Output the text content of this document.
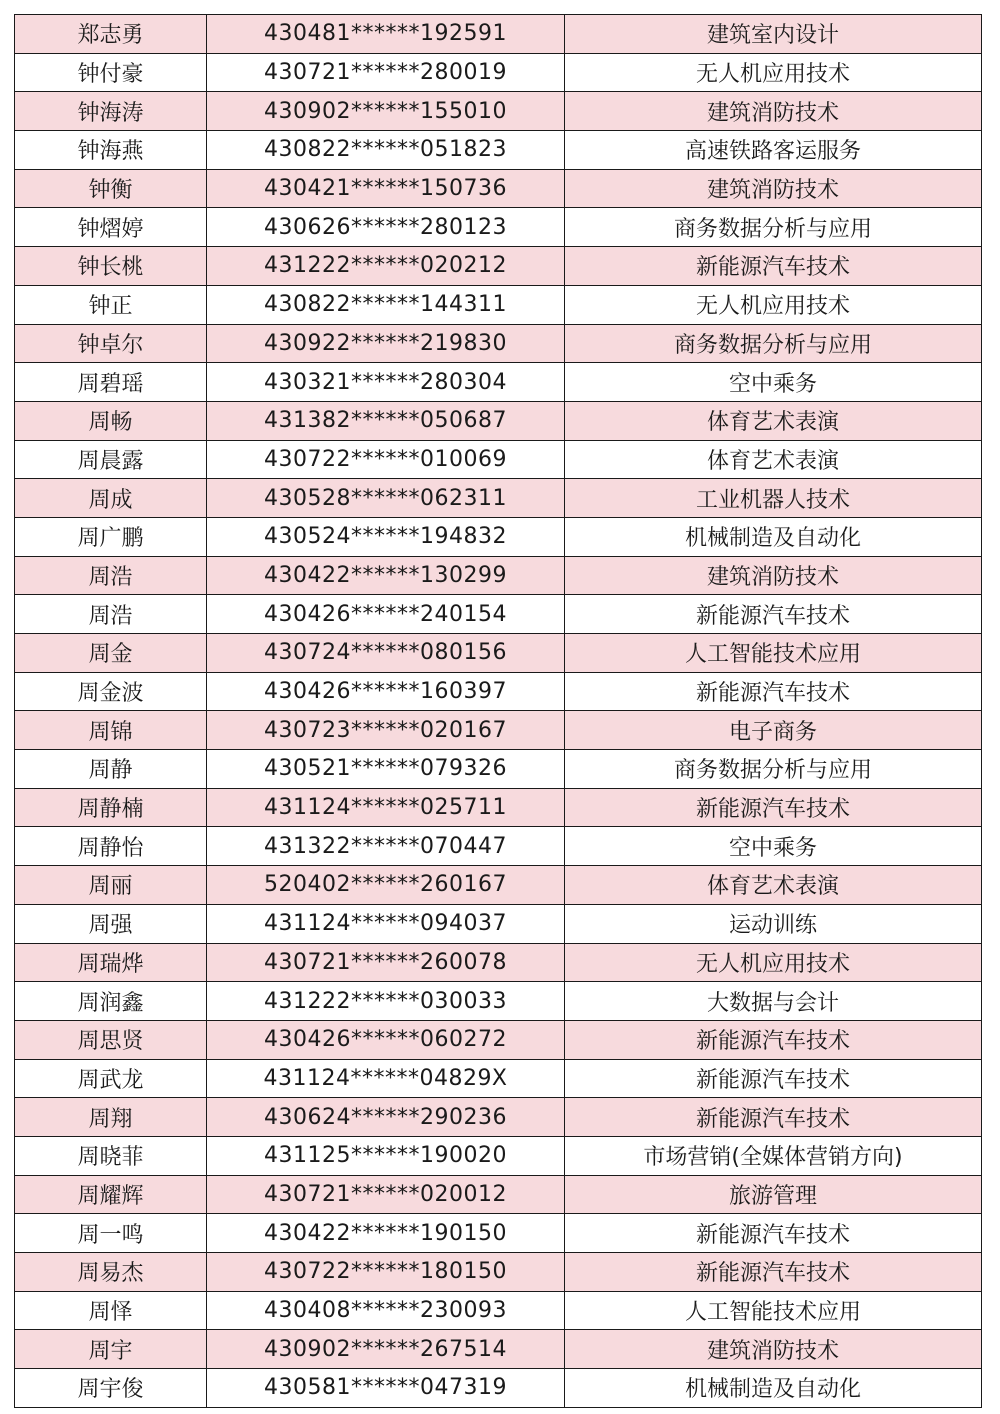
郑志勇	430481******192591	建筑室内设计
钟付豪	430721******280019	无人机应用技术
钟海涛	430902******155010	建筑消防技术
钟海燕	430822******051823	高速铁路客运服务
钟衡	430421******150736	建筑消防技术
钟熠婷	430626******280123	商务数据分析与应用
钟长桃	431222******020212	新能源汽车技术
钟正	430822******144311	无人机应用技术
钟卓尔	430922******219830	商务数据分析与应用
周碧瑶	430321******280304	空中乘务
周畅	431382******050687	体育艺术表演
周晨露	430722******010069	体育艺术表演
周成	430528******062311	工业机器人技术
周广鹏	430524******194832	机械制造及自动化
周浩	430422******130299	建筑消防技术
周浩	430426******240154	新能源汽车技术
周金	430724******080156	人工智能技术应用
周金波	430426******160397	新能源汽车技术
周锦	430723******020167	电子商务
周静	430521******079326	商务数据分析与应用
周静楠	431124******025711	新能源汽车技术
周静怡	431322******070447	空中乘务
周丽	520402******260167	体育艺术表演
周强	431124******094037	运动训练
周瑞烨	430721******260078	无人机应用技术
周润鑫	431222******030033	大数据与会计
周思贤	430426******060272	新能源汽车技术
周武龙	431124******04829X	新能源汽车技术
周翔	430624******290236	新能源汽车技术
周晓菲	431125******190020	市场营销(全媒体营销方向)
周耀辉	430721******020012	旅游管理
周一鸣	430422******190150	新能源汽车技术
周易杰	430722******180150	新能源汽车技术
周怿	430408******230093	人工智能技术应用
周宇	430902******267514	建筑消防技术
周宇俊	430581******047319	机械制造及自动化
